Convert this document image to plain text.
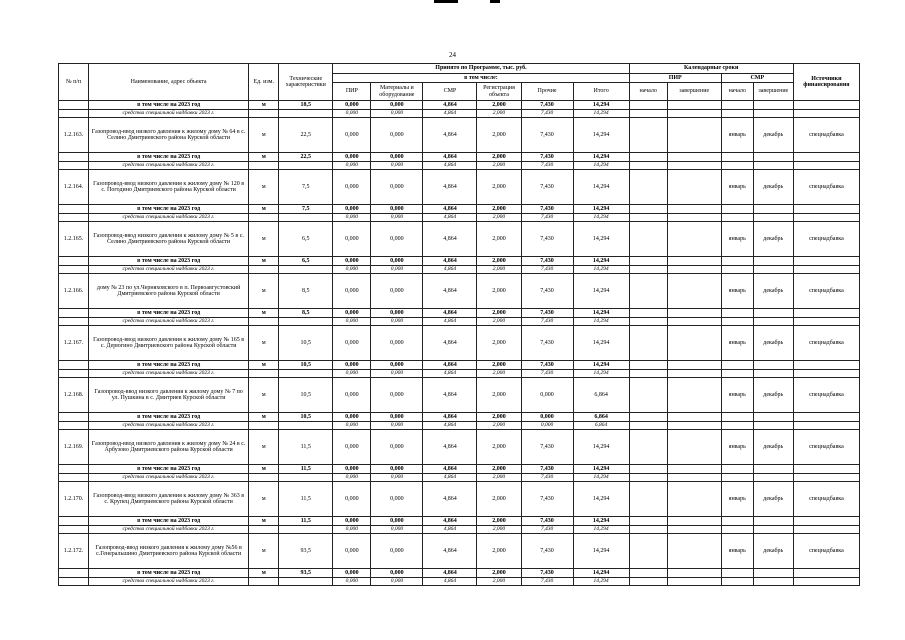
24
№ п/п	Наименование, адрес объекта	Ед. изм.	Технические характеристики	Принято по Программе, тыс. руб.						Календарные сроки				Источники финансирования
				в том числе:						ПИР		СМР		
				ПИР	Материалы и оборудование	СМР	Регистрация объекта	Прочие	Итого	начало	завершение	начало	завершение	
	в том числе на 2023 год	м	18,5	0,000	0,000	4,864	2,000	7,430	14,294					
	средства специальной надбавки 2023 г.			0,000	0,000	4,864	2,000	7,430	14,294					
1.2.163.	Газопровод-ввод низкого давления к жилому дому № 64 в с. Селино Дмитриевского района Курской области	м	22,5	0,000	0,000	4,864	2,000	7,430	14,294			январь	декабрь	спецнадбавка
	в том числе на 2023 год	м	22,5	0,000	0,000	4,864	2,000	7,430	14,294					
	средства специальной надбавки 2023 г.			0,000	0,000	4,864	2,000	7,430	14,294					
1.2.164.	Газопровод-ввод низкого давления к жилому дому № 120 в с. Погодино Дмитриевского района Курской области	м	7,5	0,000	0,000	4,864	2,000	7,430	14,294			январь	декабрь	спецнадбавка
	в том числе на 2023 год	м	7,5	0,000	0,000	4,864	2,000	7,430	14,294					
	средства специальной надбавки 2023 г.			0,000	0,000	4,864	2,000	7,430	14,294					
1.2.165.	Газопровод-ввод низкого давления к жилому дому № 5 в с. Селино Дмитриевского района Курской области	м	6,5	0,000	0,000	4,864	2,000	7,430	14,294			январь	декабрь	спецнадбавка
	в том числе на 2023 год	м	6,5	0,000	0,000	4,864	2,000	7,430	14,294					
	средства специальной надбавки 2023 г.			0,000	0,000	4,864	2,000	7,430	14,294					
1.2.166.	дому № 23 по ул.Черняховского в п. Первоавгустовский Дмитриевского района Курской области	м	8,5	0,000	0,000	4,864	2,000	7,430	14,294			январь	декабрь	спецнадбавка
	в том числе на 2023 год	м	8,5	0,000	0,000	4,864	2,000	7,430	14,294					
	средства специальной надбавки 2023 г.			0,000	0,000	4,864	2,000	7,430	14,294					
1.2.167.	Газопровод-ввод низкого давления к жилому дому № 165 в с. Дерюгино Дмитриевского района Курской области	м	10,5	0,000	0,000	4,864	2,000	7,430	14,294			январь	декабрь	спецнадбавка
	в том числе на 2023 год	м	10,5	0,000	0,000	4,864	2,000	7,430	14,294					
	средства специальной надбавки 2023 г.			0,000	0,000	4,864	2,000	7,430	14,294					
1.2.168.	Газопровод-ввод низкого давления к жилому дому № 7 по ул. Пушкина в с. Дмитриев Курской области	м	10,5	0,000	0,000	4,864	2,000	0,000	6,864			январь	декабрь	спецнадбавка
	в том числе на 2023 год	м	10,5	0,000	0,000	4,864	2,000	0,000	6,864					
	средства специальной надбавки 2023 г.			0,000	0,000	4,864	2,000	0,000	6,864					
1.2.169.	Газопровод-ввод низкого давления к жилому дому № 24 в с. Арбузово Дмитриевского района Курской области	м	11,5	0,000	0,000	4,864	2,000	7,430	14,294			январь	декабрь	спецнадбавка
	в том числе на 2023 год	м	11,5	0,000	0,000	4,864	2,000	7,430	14,294					
	средства специальной надбавки 2023 г.			0,000	0,000	4,864	2,000	7,430	14,294					
1.2.170.	Газопровод-ввод низкого давления к жилому дому № 363 в с. Крупец Дмитриевского района Курской области	м	11,5	0,000	0,000	4,864	2,000	7,430	14,294			январь	декабрь	спецнадбавка
	в том числе на 2023 год	м	11,5	0,000	0,000	4,864	2,000	7,430	14,294					
	средства специальной надбавки 2023 г.			0,000	0,000	4,864	2,000	7,430	14,294					
1.2.172.	Газопровод-ввод низкого давления к жилому дому №56 в с.Генеральшино Дмитриевского района Курской области	м	93,5	0,000	0,000	4,864	2,000	7,430	14,294			январь	декабрь	спецнадбавка
	в том числе на 2023 год	м	93,5	0,000	0,000	4,864	2,000	7,430	14,294					
	средства специальной надбавки 2023 г.			0,000	0,000	4,864	2,000	7,430	14,294					
